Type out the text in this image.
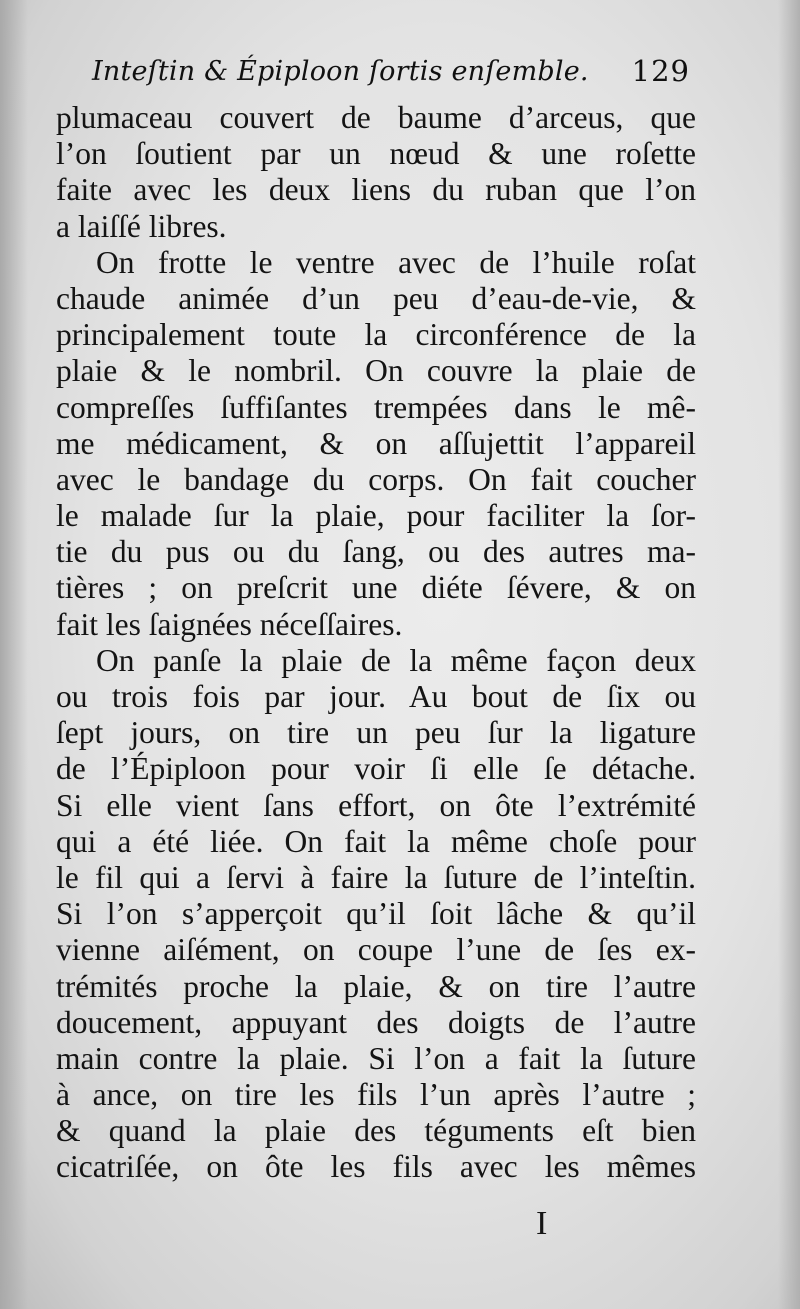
Inteſtin & Épiploon ſortis enſemble. 129
plumaceau couvert de baume d’arceus, que
l’on ſoutient par un nœud & une roſette
faite avec les deux liens du ruban que l’on
a laiſſé libres.
On frotte le ventre avec de l’huile roſat
chaude animée d’un peu d’eau-de-vie, &
principalement toute la circonférence de la
plaie & le nombril. On couvre la plaie de
compreſſes ſuffiſantes trempées dans le mê-
me médicament, & on aſſujettit l’appareil
avec le bandage du corps. On fait coucher
le malade ſur la plaie, pour faciliter la ſor-
tie du pus ou du ſang, ou des autres ma-
tières ; on preſcrit une diéte ſévere, & on
fait les ſaignées néceſſaires.
On panſe la plaie de la même façon deux
ou trois fois par jour. Au bout de ſix ou
ſept jours, on tire un peu ſur la ligature
de l’Épiploon pour voir ſi elle ſe détache.
Si elle vient ſans effort, on ôte l’extrémité
qui a été liée. On fait la même choſe pour
le fil qui a ſervi à faire la ſuture de l’inteſtin.
Si l’on s’apperçoit qu’il ſoit lâche & qu’il
vienne aiſément, on coupe l’une de ſes ex-
trémités proche la plaie, & on tire l’autre
doucement, appuyant des doigts de l’autre
main contre la plaie. Si l’on a fait la ſuture
à ance, on tire les fils l’un après l’autre ;
& quand la plaie des téguments eſt bien
cicatriſée, on ôte les fils avec les mêmes
I
